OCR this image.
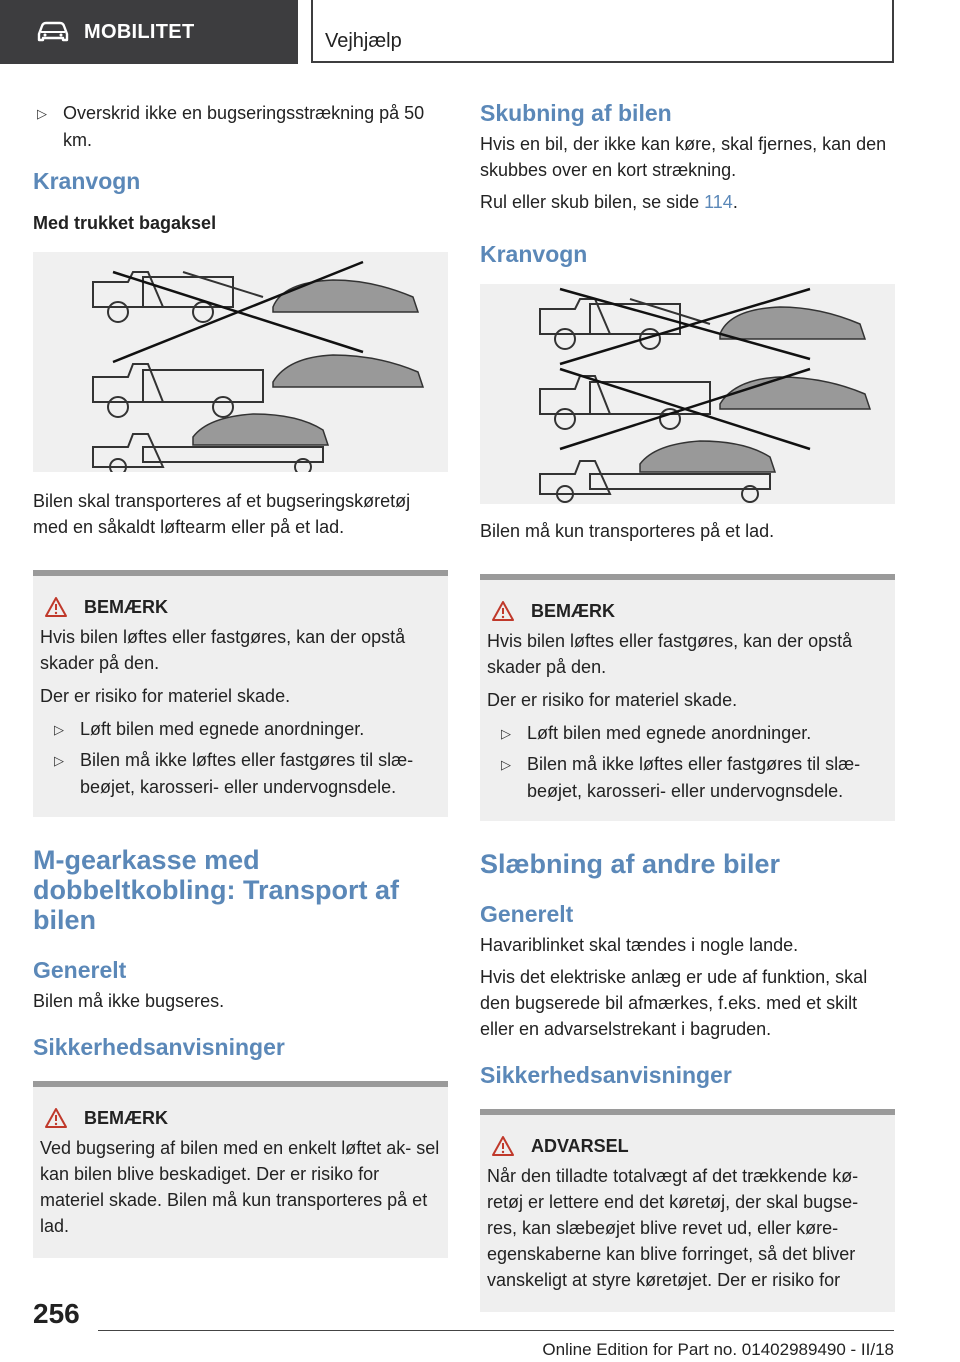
MOBILITET	Vejhjælp
▷ Overskrid ikke en bugseringsstrækning på 50 km.
Kranvogn
Med trukket bagaksel

Bilen skal transporteres af et bugseringskøretøj med en såkaldt løftearm eller på et lad.

BEMÆRK

Hvis bilen løftes eller fastgøres, kan der opstå skader på den.

Der er risiko for materiel skade.

▷ Løft bilen med egnede anordninger.
▷ Bilen må ikke løftes eller fastgøres til slæ‐ beøjet, karosseri- eller undervognsdele.
M-gearkasse med dobbeltkobling: Transport af bilen
Generelt

Bilen må ikke bugseres.

Sikkerhedsanvisninger
BEMÆRK

Ved bugsering af bilen med en enkelt løftet ak‐ sel kan bilen blive beskadiget. Der er risiko for materiel skade. Bilen må kun transporteres på et lad.

Skubning af bilen

Hvis en bil, der ikke kan køre, skal fjernes, kan den skubbes over en kort strækning.

Rul eller skub bilen, se side 114.

Kranvogn

Bilen må kun transporteres på et lad.

BEMÆRK

Hvis bilen løftes eller fastgøres, kan der opstå skader på den.

Der er risiko for materiel skade.

▷ Løft bilen med egnede anordninger.
▷ Bilen må ikke løftes eller fastgøres til slæ‐ beøjet, karosseri- eller undervognsdele.
Slæbning af andre biler
Generelt

Havariblinket skal tændes i nogle lande.

Hvis det elektriske anlæg er ude af funktion, skal den bugserede bil afmærkes, f.eks. med et skilt eller en advarselstrekant i bagruden.

Sikkerhedsanvisninger
ADVARSEL

Når den tilladte totalvægt af det trækkende kø‐ retøj er lettere end det køretøj, der skal bugse‐ res, kan slæbeøjet blive revet ud, eller køre‐ egenskaberne kan blive forringet, så det bliver vanskeligt at styre køretøjet. Der er risiko for

256
Online Edition for Part no. 01402989490 - II/18
